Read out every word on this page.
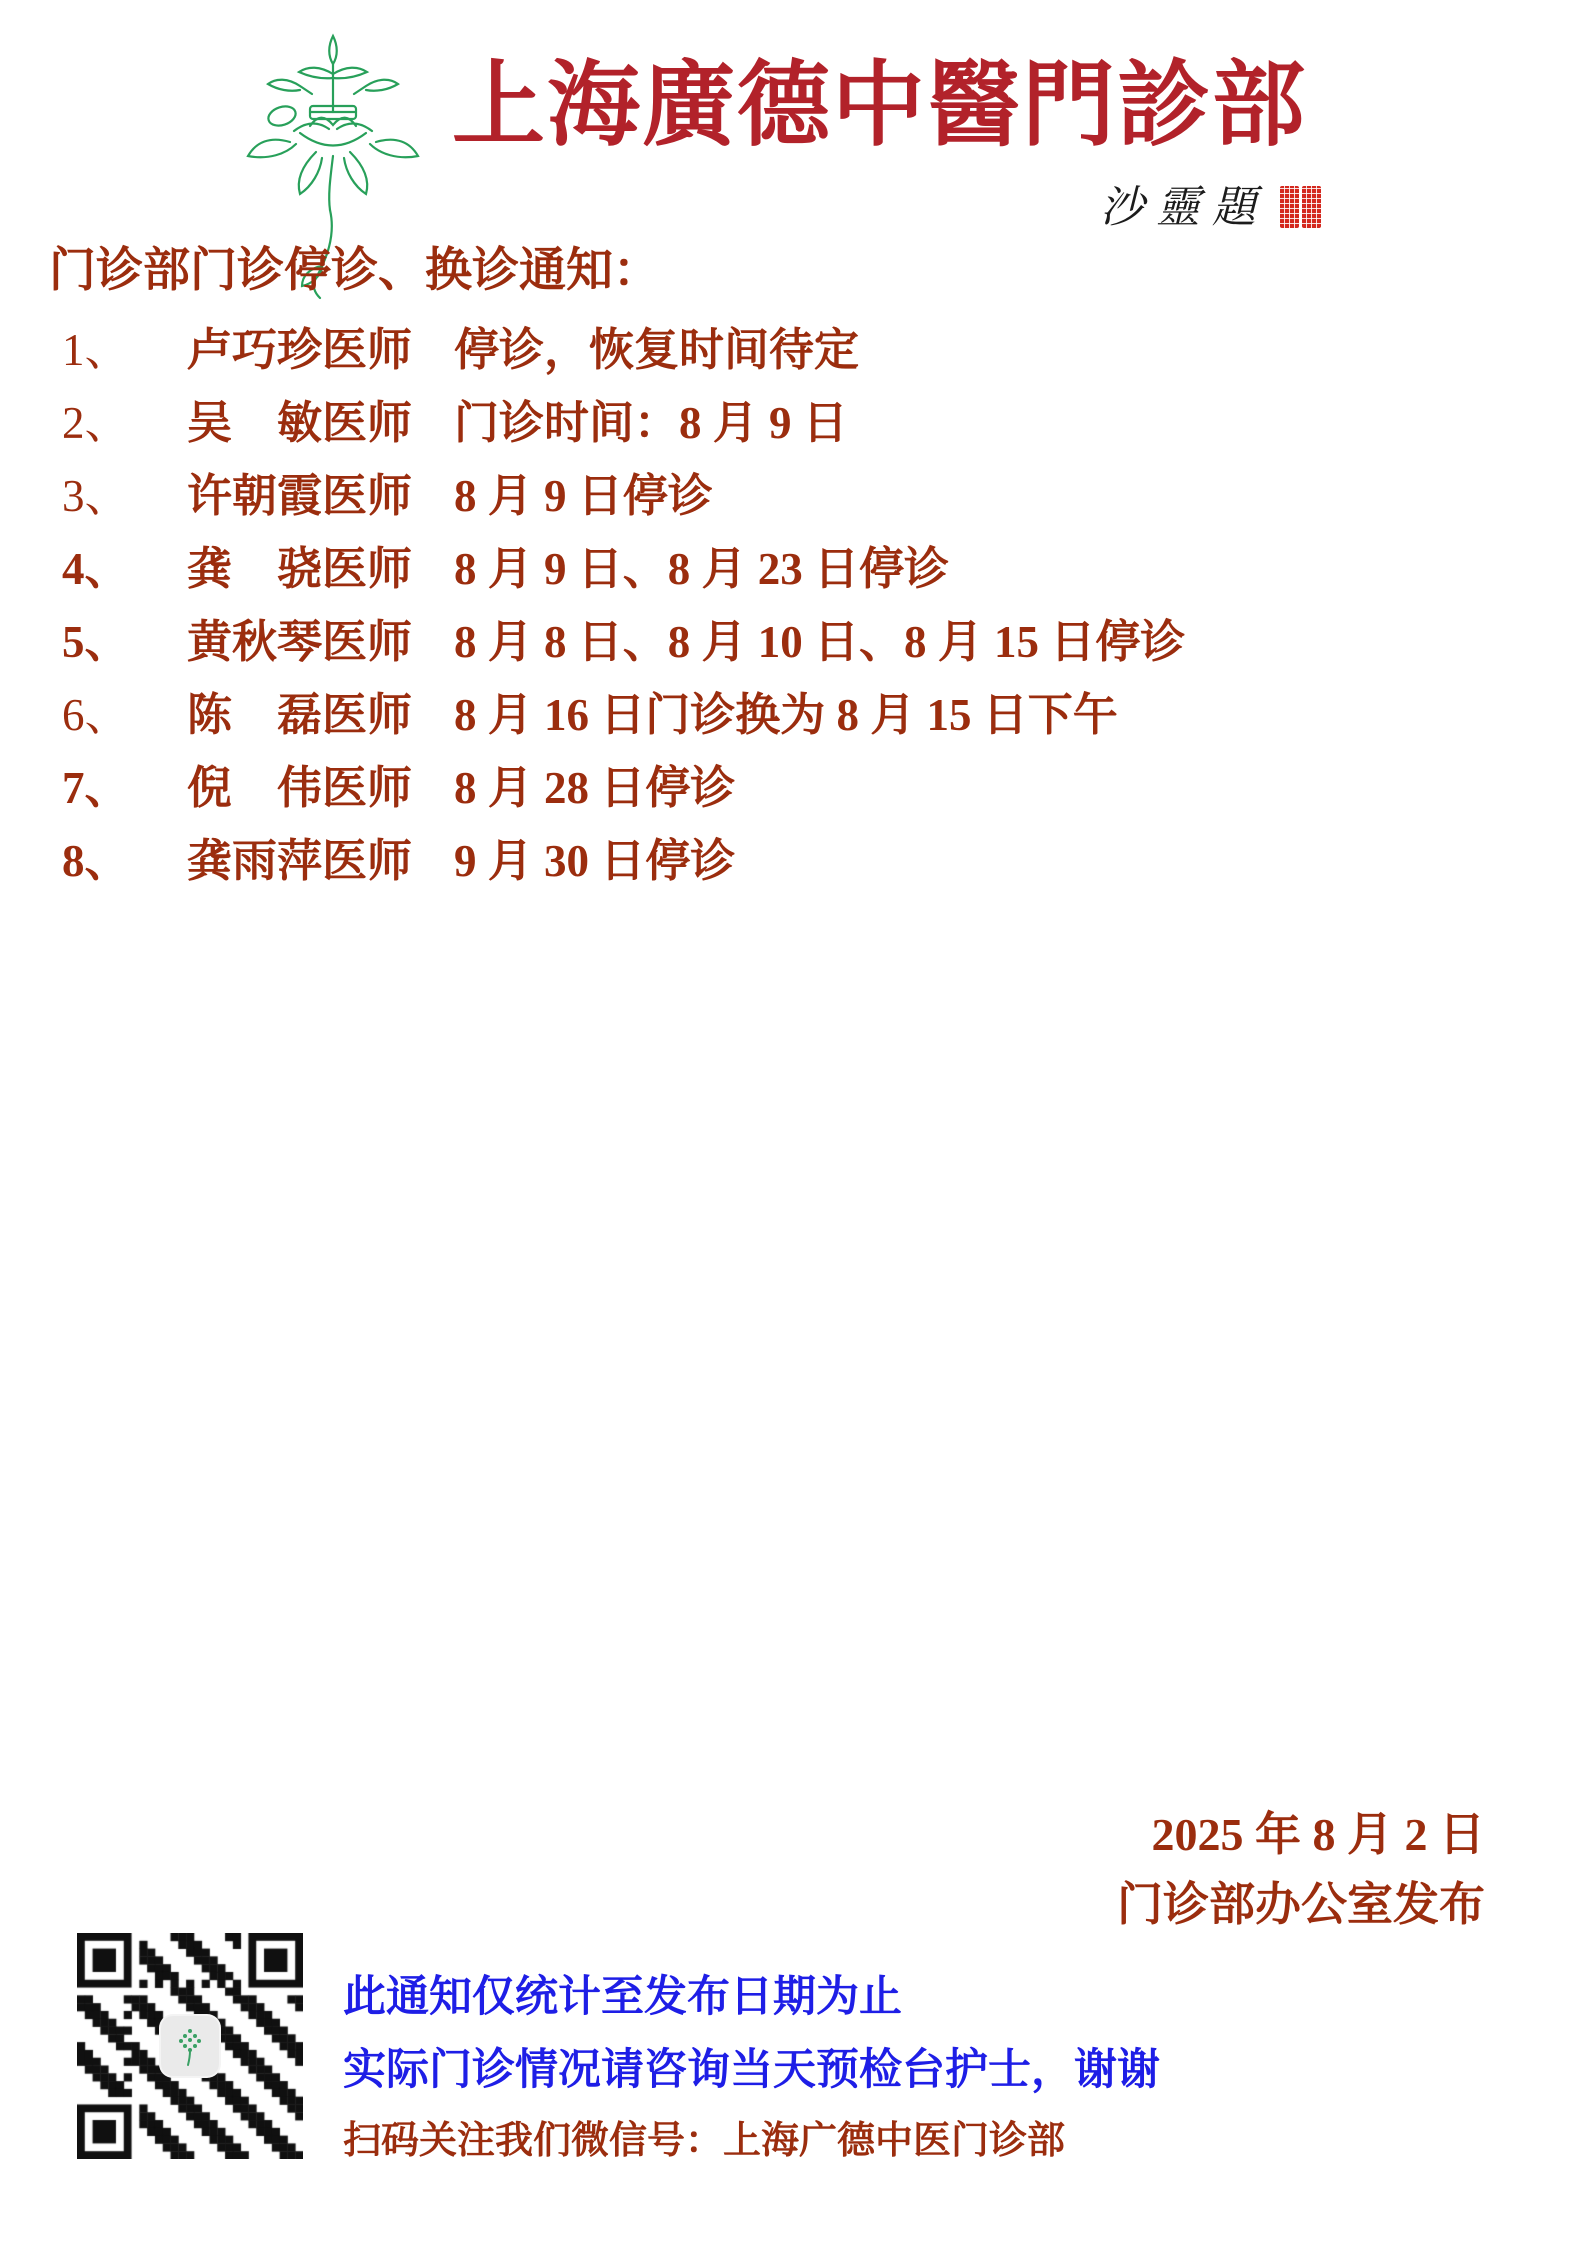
上海廣德中醫門診部
沙靈題
门诊部门诊停诊、换诊通知：
1、	卢巧珍医师 停诊，恢复时间待定
2、	吴　敏医师 门诊时间：8 月 9 日
3、	许朝霞医师 8 月 9 日停诊
4、	龚　骁医师 8 月 9 日、8 月 23 日停诊
5、	黄秋琴医师 8 月 8 日、8 月 10 日、8 月 15 日停诊
6、	陈　磊医师 8 月 16 日门诊换为 8 月 15 日下午
7、	倪　伟医师 8 月 28 日停诊
8、	龚雨萍医师 9 月 30 日停诊
2025 年 8 月 2 日
门诊部办公室发布
此通知仅统计至发布日期为止
实际门诊情况请咨询当天预检台护士，谢谢
扫码关注我们微信号：上海广德中医门诊部
